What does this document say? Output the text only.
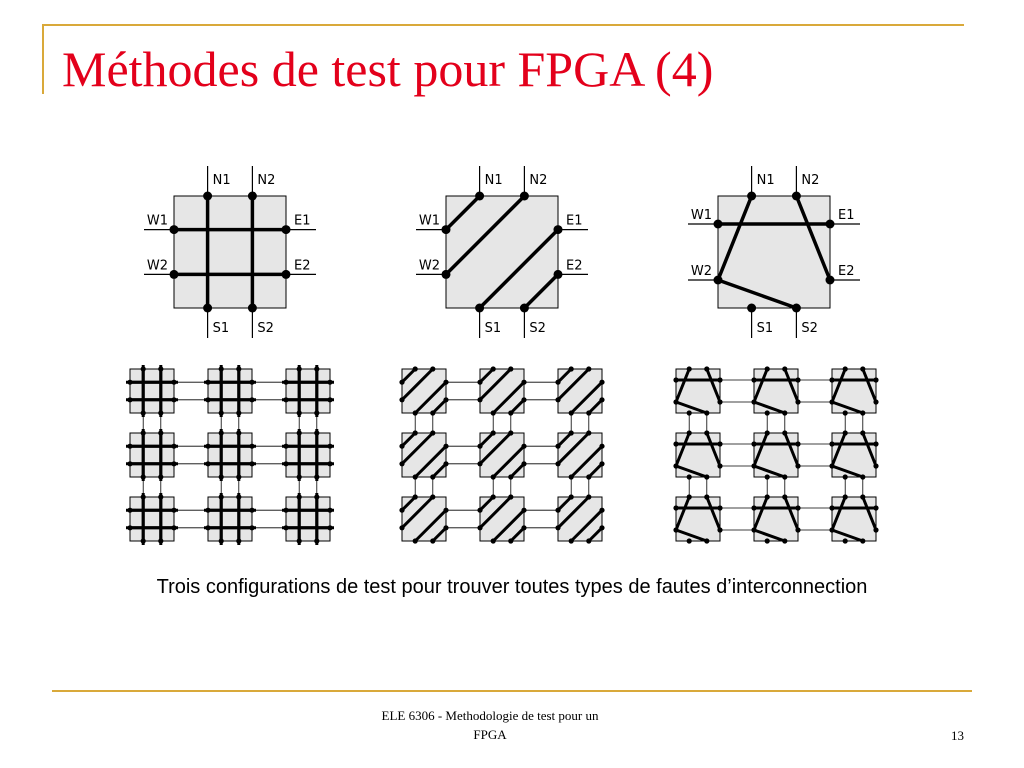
Méthodes de test pour FPGA (4)
N1 N2
W1
W2
E1
E2
S1 S2
N1 N2
W1
W2
E1
E2
S1 S2
N1 N2
W1
W2
E1
E2
S1 S2
Trois configurations de test pour trouver toutes types de fautes d’interconnection
ELE 6306 - Methodologie de test pour un
FPGA	13
